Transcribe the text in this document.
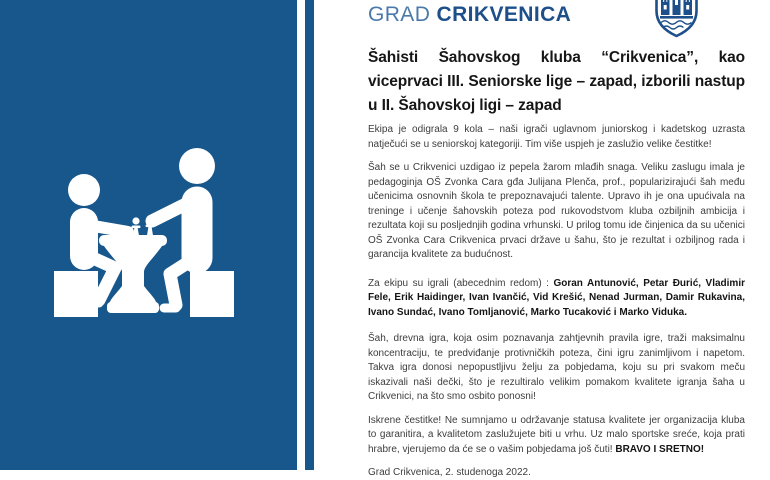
GRAD CRIKVENICA
Šahisti Šahovskog kluba “Crikvenica”, kao viceprvaci III. Seniorske lige – zapad, izborili nastup u II. Šahovskoj ligi – zapad

Ekipa je odigrala 9 kola – naši igrači uglavnom juniorskog i kadetskog uzrasta natječući se u seniorskoj kategoriji. Tim više uspjeh je zaslužio velike čestitke!

Šah se u Crikvenici uzdigao iz pepela žarom mlađih snaga. Veliku zaslugu imala je pedagoginja OŠ Zvonka Cara gđa Julijana Plenča, prof., popularizirajući šah među učenicima osnovnih škola te prepoznavajući talente. Upravo ih je ona upućivala na treninge i učenje šahovskih poteza pod rukovodstvom kluba ozbiljnih ambicija i rezultata koji su posljednjih godina vrhunski. U prilog tomu ide činjenica da su učenici OŠ Zvonka Cara Crikvenica prvaci države u šahu, što je rezultat i ozbiljnog rada i garancija kvalitete za budućnost.

Za ekipu su igrali (abecednim redom) : Goran Antunović, Petar Đurić, Vladimir Fele, Erik Haidinger, Ivan Ivančić, Vid Krešić, Nenad Jurman, Damir Rukavina, Ivano Sundać, Ivano Tomljanović, Marko Tucaković i Marko Viduka.

Šah, drevna igra, koja osim poznavanja zahtjevnih pravila igre, traži maksimalnu koncentraciju, te predviđanje protivničkih poteza, čini igru zanimljivom i napetom. Takva igra donosi nepopustljivu želju za pobjedama, koju su pri svakom meču iskazivali naši dečki, što je rezultiralo velikim pomakom kvalitete igranja šaha u Crikvenici, na što smo osbito ponosni!

Iskrene čestitke! Ne sumnjamo u održavanje statusa kvalitete jer organizacija kluba to garanitira, a kvalitetom zaslužujete biti u vrhu. Uz malo sportske sreće, koja prati hrabre, vjerujemo da će se o vašim pobjedama još čuti! BRAVO I SRETNO!

Grad Crikvenica, 2. studenoga 2022.
